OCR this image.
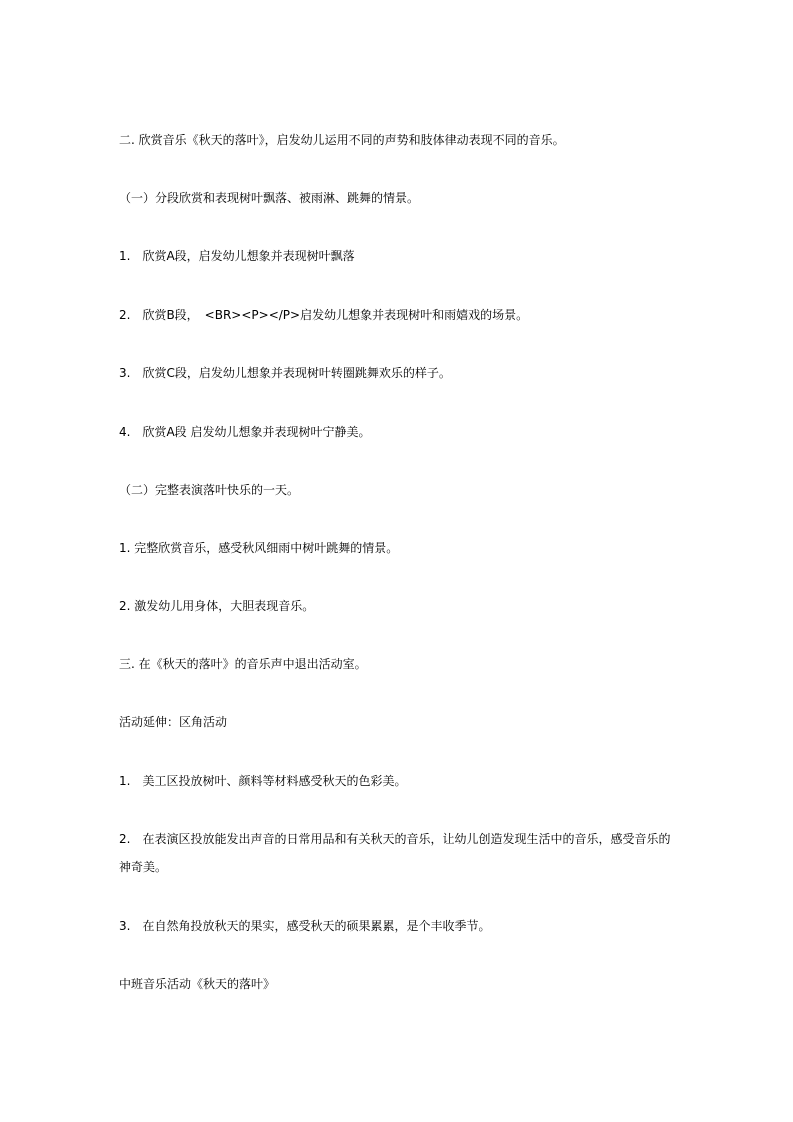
二. 欣赏音乐《秋天的落叶》，启发幼儿运用不同的声势和肢体律动表现不同的音乐。
（一）分段欣赏和表现树叶飘落、被雨淋、跳舞的情景。
1.　欣赏A段，启发幼儿想象并表现树叶飘落
2.　欣赏B段，　<BR><P></P>启发幼儿想象并表现树叶和雨嬉戏的场景。
3.　欣赏C段，启发幼儿想象并表现树叶转圈跳舞欢乐的样子。
4.　欣赏A段 启发幼儿想象并表现树叶宁静美。
（二）完整表演落叶快乐的一天。
1. 完整欣赏音乐，感受秋风细雨中树叶跳舞的情景。
2. 激发幼儿用身体，大胆表现音乐。
三. 在《秋天的落叶》的音乐声中退出活动室。
活动延伸：区角活动
1.　美工区投放树叶、颜料等材料感受秋天的色彩美。
2.　在表演区投放能发出声音的日常用品和有关秋天的音乐，让幼儿创造发现生活中的音乐，感受音乐的神奇美。
3.　在自然角投放秋天的果实，感受秋天的硕果累累，是个丰收季节。
中班音乐活动《秋天的落叶》
